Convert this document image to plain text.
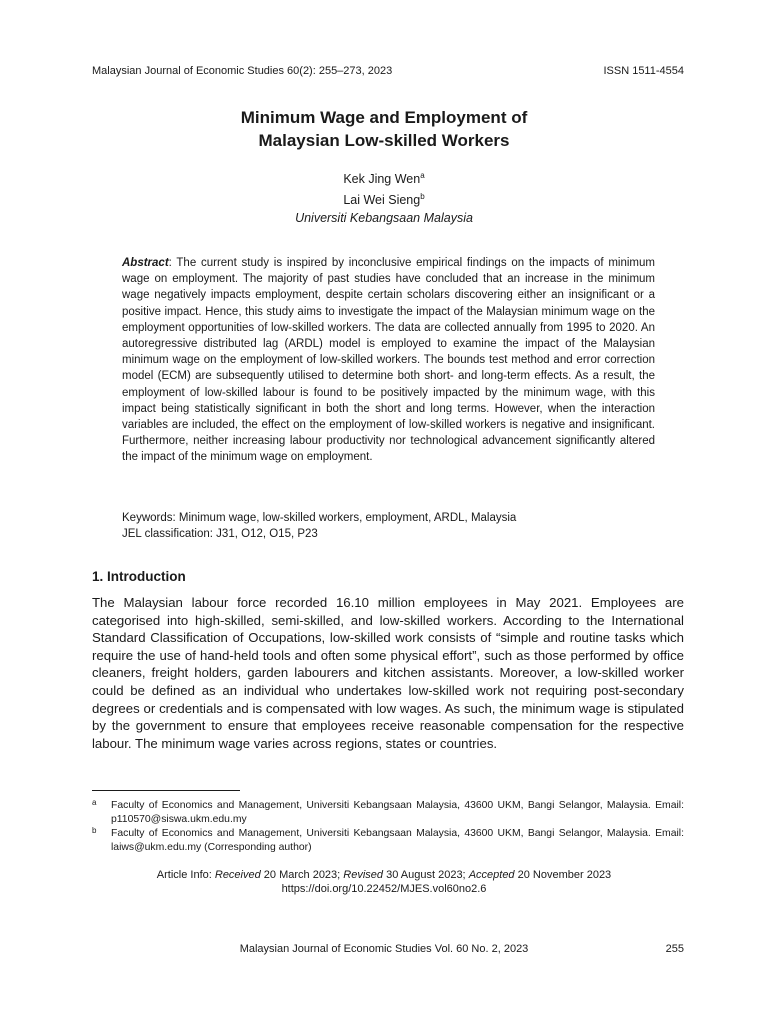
Malaysian Journal of Economic Studies 60(2): 255–273, 2023	ISSN 1511-4554
Minimum Wage and Employment of
Malaysian Low-skilled Workers
Kek Jing Wen$^a$
Lai Wei Sieng$^b$
Universiti Kebangsaan Malaysia
Abstract: The current study is inspired by inconclusive empirical findings on the impacts of minimum wage on employment. The majority of past studies have concluded that an increase in the minimum wage negatively impacts employment, despite certain scholars discovering either an insignificant or a positive impact. Hence, this study aims to investigate the impact of the Malaysian minimum wage on the employment opportunities of low-skilled workers. The data are collected annually from 1995 to 2020. An autoregressive distributed lag (ARDL) model is employed to examine the impact of the Malaysian minimum wage on the employment of low-skilled workers. The bounds test method and error correction model (ECM) are subsequently utilised to determine both short- and long-term effects. As a result, the employment of low-skilled labour is found to be positively impacted by the minimum wage, with this impact being statistically significant in both the short and long terms. However, when the interaction variables are included, the effect on the employment of low-skilled workers is negative and insignificant. Furthermore, neither increasing labour productivity nor technological advancement significantly altered the impact of the minimum wage on employment.
Keywords: Minimum wage, low-skilled workers, employment, ARDL, Malaysia
JEL classification: J31, O12, O15, P23
1. Introduction
The Malaysian labour force recorded 16.10 million employees in May 2021. Employees are categorised into high-skilled, semi-skilled, and low-skilled workers. According to the International Standard Classification of Occupations, low-skilled work consists of “simple and routine tasks which require the use of hand-held tools and often some physical effort”, such as those performed by office cleaners, freight holders, garden labourers and kitchen assistants. Moreover, a low-skilled worker could be defined as an individual who undertakes low-skilled work not requiring post-secondary degrees or credentials and is compensated with low wages. As such, the minimum wage is stipulated by the government to ensure that employees receive reasonable compensation for the respective labour. The minimum wage varies across regions, states or countries.
a Faculty of Economics and Management, Universiti Kebangsaan Malaysia, 43600 UKM, Bangi Selangor, Malaysia. Email: p110570@siswa.ukm.edu.my
b Faculty of Economics and Management, Universiti Kebangsaan Malaysia, 43600 UKM, Bangi Selangor, Malaysia. Email: laiws@ukm.edu.my (Corresponding author)
Article Info: Received 20 March 2023; Revised 30 August 2023; Accepted 20 November 2023
https://doi.org/10.22452/MJES.vol60no2.6
Malaysian Journal of Economic Studies Vol. 60 No. 2, 2023	255
